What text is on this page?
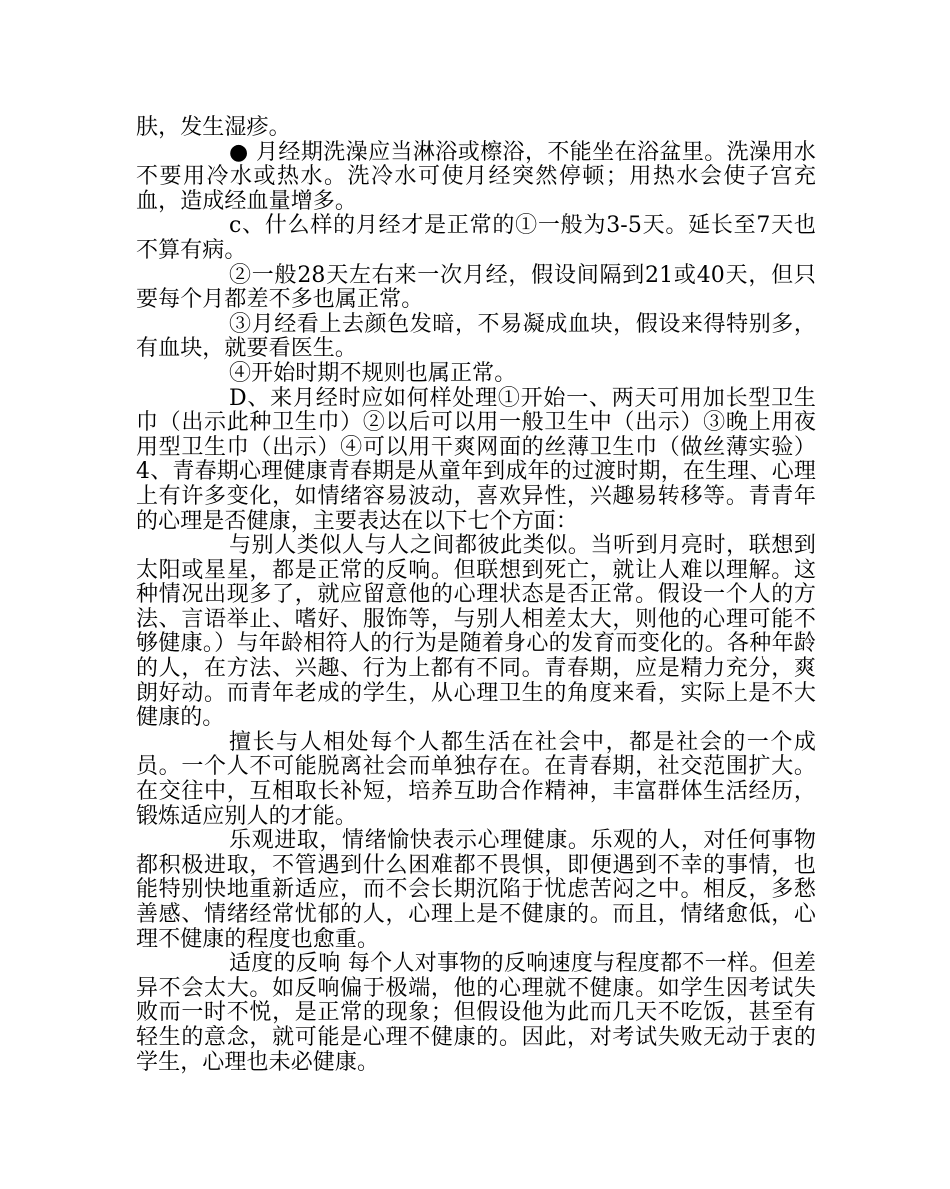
肤，发生湿疹。

● 月经期洗澡应当淋浴或檫浴，不能坐在浴盆里。洗澡用水不要用冷水或热水。洗冷水可使月经突然停顿；用热水会使子宫充血，造成经血量增多。

c、什么样的月经才是正常的①一般为3-5天。延长至7天也不算有病。

②一般28天左右来一次月经，假设间隔到21或40天，但只要每个月都差不多也属正常。

③月经看上去颜色发暗，不易凝成血块，假设来得特别多，有血块，就要看医生。

④开始时期不规则也属正常。

D、来月经时应如何样处理①开始一、两天可用加长型卫生巾（出示此种卫生巾）②以后可以用一般卫生中（出示）③晚上用夜用型卫生巾（出示）④可以用干爽网面的丝薄卫生巾（做丝薄实验）4、青春期心理健康青春期是从童年到成年的过渡时期，在生理、心理上有许多变化，如情绪容易波动，喜欢异性，兴趣易转移等。青青年的心理是否健康，主要表达在以下七个方面：

与别人类似人与人之间都彼此类似。当听到月亮时，联想到太阳或星星，都是正常的反响。但联想到死亡，就让人难以理解。这种情况出现多了，就应留意他的心理状态是否正常。假设一个人的方法、言语举止、嗜好、服饰等，与别人相差太大，则他的心理可能不够健康。）与年龄相符人的行为是随着身心的发育而变化的。各种年龄的人，在方法、兴趣、行为上都有不同。青春期，应是精力充分，爽朗好动。而青年老成的学生，从心理卫生的角度来看，实际上是不大健康的。

擅长与人相处每个人都生活在社会中，都是社会的一个成员。一个人不可能脱离社会而单独存在。在青春期，社交范围扩大。在交往中，互相取长补短，培养互助合作精神，丰富群体生活经历，锻炼适应别人的才能。

乐观进取，情绪愉快表示心理健康。乐观的人，对任何事物都积极进取，不管遇到什么困难都不畏惧，即便遇到不幸的事情，也能特别快地重新适应，而不会长期沉陷于忧虑苦闷之中。相反，多愁善感、情绪经常忧郁的人，心理上是不健康的。而且，情绪愈低，心理不健康的程度也愈重。

适度的反响 每个人对事物的反响速度与程度都不一样。但差异不会太大。如反响偏于极端，他的心理就不健康。如学生因考试失败而一时不悦，是正常的现象；但假设他为此而几天不吃饭，甚至有轻生的意念，就可能是心理不健康的。因此，对考试失败无动于衷的学生，心理也未必健康。
